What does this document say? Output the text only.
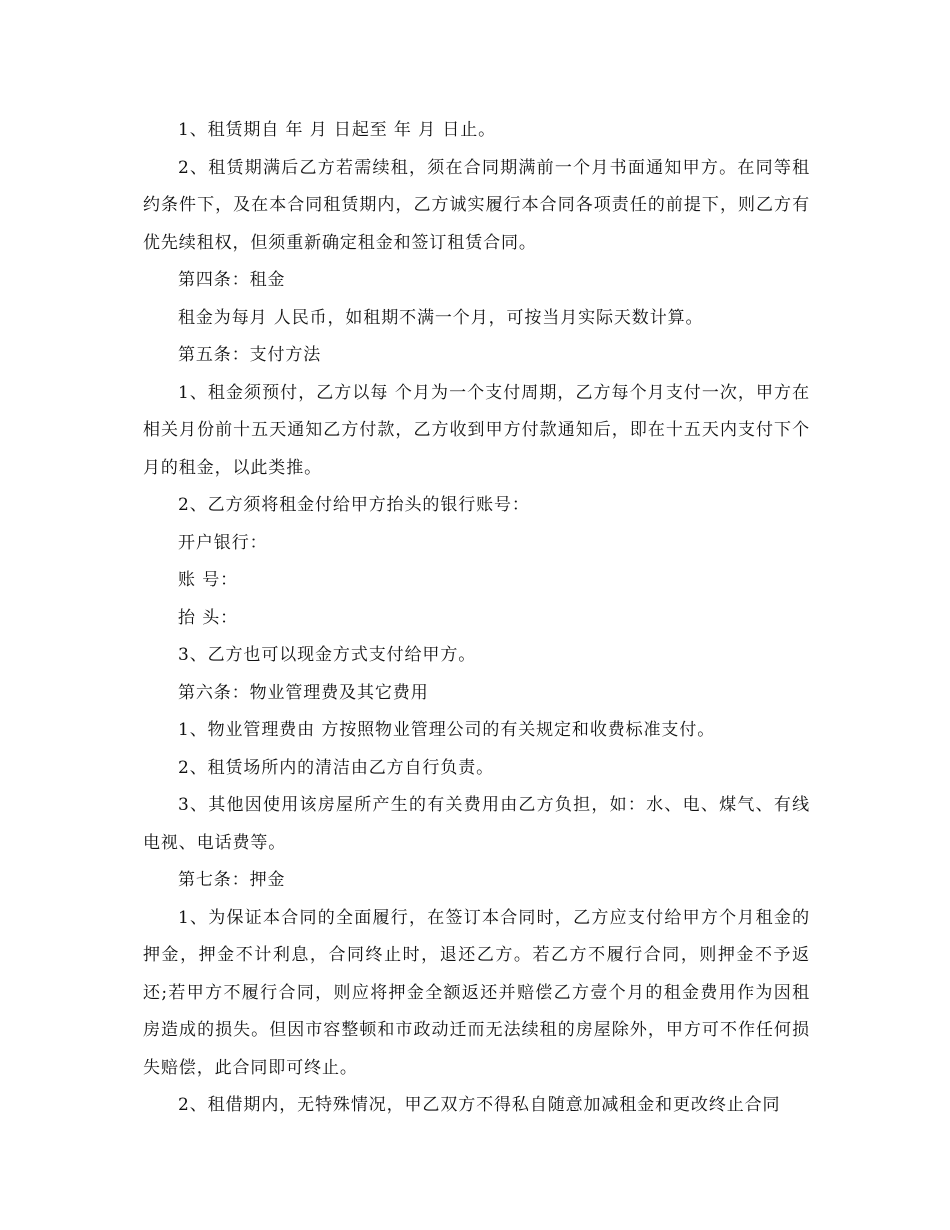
1、租赁期自 年 月 日起至 年 月 日止。

2、租赁期满后乙方若需续租，须在合同期满前一个月书面通知甲方。在同等租约条件下，及在本合同租赁期内，乙方诚实履行本合同各项责任的前提下，则乙方有优先续租权，但须重新确定租金和签订租赁合同。

第四条：租金

租金为每月 人民币，如租期不满一个月，可按当月实际天数计算。

第五条：支付方法

1、租金须预付，乙方以每 个月为一个支付周期，乙方每个月支付一次，甲方在相关月份前十五天通知乙方付款，乙方收到甲方付款通知后，即在十五天内支付下个月的租金，以此类推。

2、乙方须将租金付给甲方抬头的银行账号：

开户银行：

账 号：

抬 头：

3、乙方也可以现金方式支付给甲方。

第六条：物业管理费及其它费用

1、物业管理费由 方按照物业管理公司的有关规定和收费标准支付。

2、租赁场所内的清洁由乙方自行负责。

3、其他因使用该房屋所产生的有关费用由乙方负担，如：水、电、煤气、有线电视、电话费等。

第七条：押金

1、为保证本合同的全面履行，在签订本合同时，乙方应支付给甲方个月租金的押金，押金不计利息，合同终止时，退还乙方。若乙方不履行合同，则押金不予返还;若甲方不履行合同，则应将押金全额返还并赔偿乙方壹个月的租金费用作为因租房造成的损失。但因市容整顿和市政动迁而无法续租的房屋除外，甲方可不作任何损失赔偿，此合同即可终止。

2、租借期内，无特殊情况，甲乙双方不得私自随意加减租金和更改终止合同
